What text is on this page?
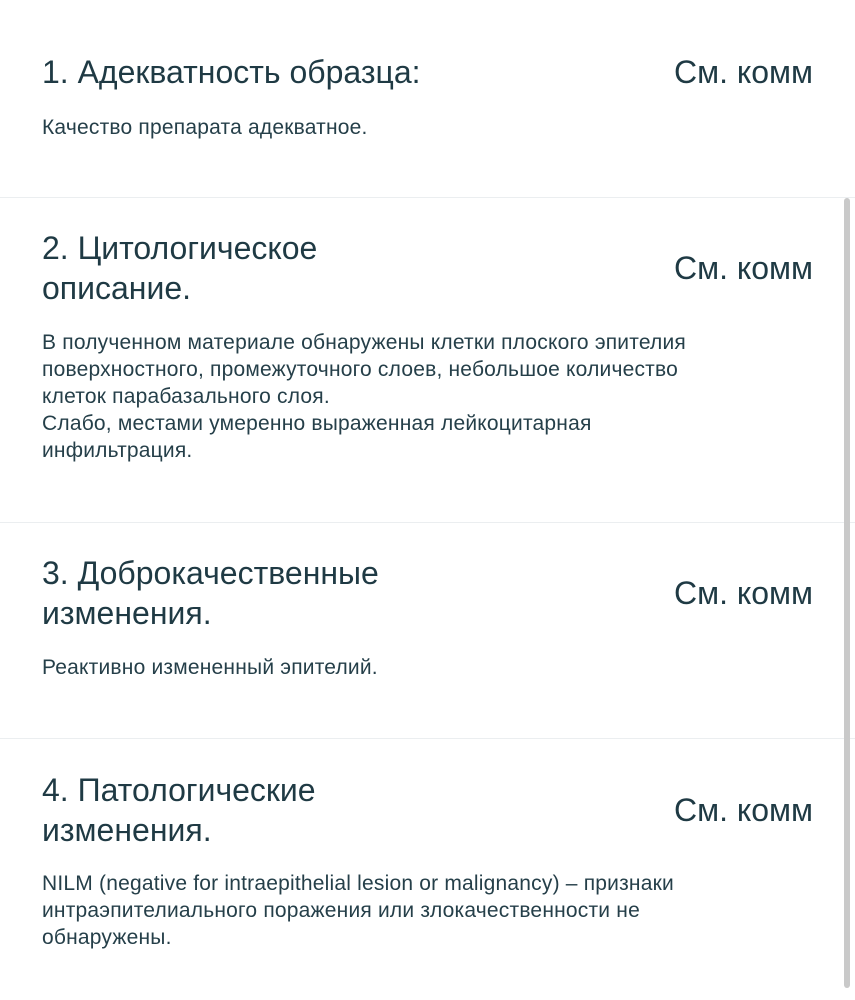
1. Адекватность образца:	См. комм

Качество препарата адекватное.

2. Цитологическое
описание.
См. комм

В полученном материале обнаружены клетки плоского эпителия
поверхностного, промежуточного слоев, небольшое количество
клеток парабазального слоя.
Слабо, местами умеренно выраженная лейкоцитарная
инфильтрация.

3. Доброкачественные
изменения.
См. комм

Реактивно измененный эпителий.

4. Патологические
изменения.
См. комм

NILM (negative for intraepithelial lesion or malignancy) – признаки
интраэпителиального поражения или злокачественности не
обнаружены.
